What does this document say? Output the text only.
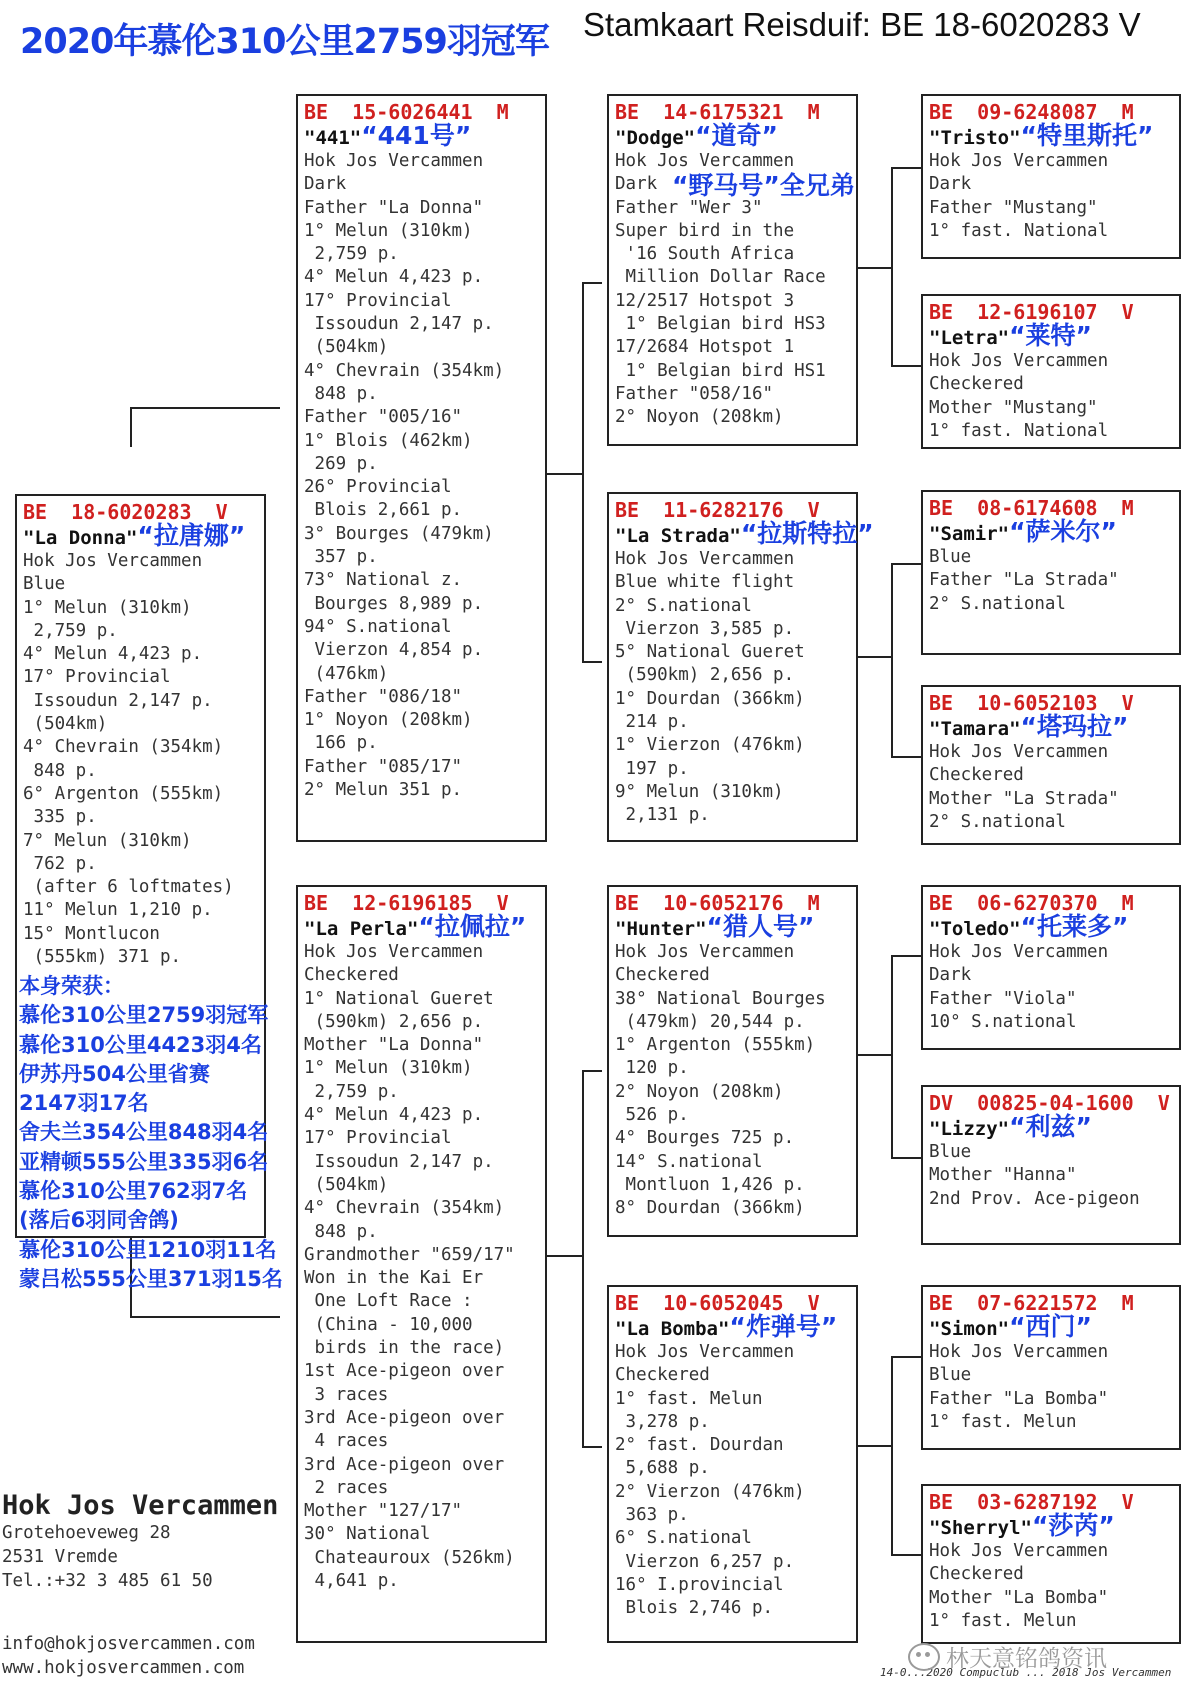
2020年慕伦310公里2759羽冠军 Stamkaart Reisduif: BE 18-6020283 V
BE  18-6020283  V
"La Donna"“拉唐娜”
Hok Jos Vercammen
Blue
1° Melun (310km)
2,759 p.
4° Melun 4,423 p.
17° Provincial
Issoudun 2,147 p.
(504km)
4° Chevrain (354km)
848 p.
6° Argenton (555km)
335 p.
7° Melun (310km)
762 p.
(after 6 loftmates)
11° Melun 1,210 p.
15° Montlucon
(555km) 371 p.
本身荣获：
慕伦310公里2759羽冠军
慕伦310公里4423羽4名
伊苏丹504公里省赛
2147羽17名
舍夫兰354公里848羽4名
亚精顿555公里335羽6名
慕伦310公里762羽7名
(落后6羽同舍鸽)
慕伦310公里1210羽11名
蒙吕松555公里371羽15名
BE  15-6026441  M
"441"“441号”
Hok Jos Vercammen
Dark
Father "La Donna"
1° Melun (310km)
2,759 p.
4° Melun 4,423 p.
17° Provincial
Issoudun 2,147 p.
(504km)
4° Chevrain (354km)
848 p.
Father "005/16"
1° Blois (462km)
269 p.
26° Provincial
Blois 2,661 p.
3° Bourges (479km)
357 p.
73° National z.
Bourges 8,989 p.
94° S.national
Vierzon 4,854 p.
(476km)
Father "086/18"
1° Noyon (208km)
166 p.
Father "085/17"
2° Melun 351 p.
BE  12-6196185  V
"La Perla"“拉佩拉”
Hok Jos Vercammen
Checkered
1° National Gueret
(590km) 2,656 p.
Mother "La Donna"
1° Melun (310km)
2,759 p.
4° Melun 4,423 p.
17° Provincial
Issoudun 2,147 p.
(504km)
4° Chevrain (354km)
848 p.
Grandmother "659/17"
Won in the Kai Er
One Loft Race :
(China - 10,000
birds in the race)
1st Ace-pigeon over
3 races
3rd Ace-pigeon over
4 races
3rd Ace-pigeon over
2 races
Mother "127/17"
30° National
Chateauroux (526km)
4,641 p.
BE  14-6175321  M
"Dodge"“道奇”
Hok Jos Vercammen
Dark
Father "Wer 3"
Super bird in the
'16 South Africa
Million Dollar Race
12/2517 Hotspot 3
1° Belgian bird HS3
17/2684 Hotspot 1
1° Belgian bird HS1
Father "058/16"
2° Noyon (208km)
“野马号”全兄弟
BE  11-6282176  V
"La Strada"“拉斯特拉”
Hok Jos Vercammen
Blue white flight
2° S.national
Vierzon 3,585 p.
5° National Gueret
(590km) 2,656 p.
1° Dourdan (366km)
214 p.
1° Vierzon (476km)
197 p.
9° Melun (310km)
2,131 p.
BE  10-6052176  M
"Hunter"“猎人号”
Hok Jos Vercammen
Checkered
38° National Bourges
(479km) 20,544 p.
1° Argenton (555km)
120 p.
2° Noyon (208km)
526 p.
4° Bourges 725 p.
14° S.national
Montluon 1,426 p.
8° Dourdan (366km)
BE  10-6052045  V
"La Bomba"“炸弹号”
Hok Jos Vercammen
Checkered
1° fast. Melun
3,278 p.
2° fast. Dourdan
5,688 p.
2° Vierzon (476km)
363 p.
6° S.national
Vierzon 6,257 p.
16° I.provincial
Blois 2,746 p.
BE  09-6248087  M
"Tristo"“特里斯托”
Hok Jos Vercammen
Dark
Father "Mustang"
1° fast. National
BE  12-6196107  V
"Letra"“莱特”
Hok Jos Vercammen
Checkered
Mother "Mustang"
1° fast. National
BE  08-6174608  M
"Samir"“萨米尔”
Blue
Father "La Strada"
2° S.national
BE  10-6052103  V
"Tamara"“塔玛拉”
Hok Jos Vercammen
Checkered
Mother "La Strada"
2° S.national
BE  06-6270370  M
"Toledo"“托莱多”
Hok Jos Vercammen
Dark
Father "Viola"
10° S.national
DV  00825-04-1600  V
"Lizzy"“利兹”
Blue
Mother "Hanna"
2nd Prov. Ace-pigeon
BE  07-6221572  M
"Simon"“西门”
Hok Jos Vercammen
Blue
Father "La Bomba"
1° fast. Melun
BE  03-6287192  V
"Sherryl"“莎芮”
Hok Jos Vercammen
Checkered
Mother "La Bomba"
1° fast. Melun
Hok Jos Vercammen
Grotehoeveweg 28
2531 Vremde
Tel.:+32 3 485 61 50
info@hokjosvercammen.com
www.hokjosvercammen.com	14-0...2020 Compuclub ... 2018 Jos Vercammen
林天意铭鸽资讯
